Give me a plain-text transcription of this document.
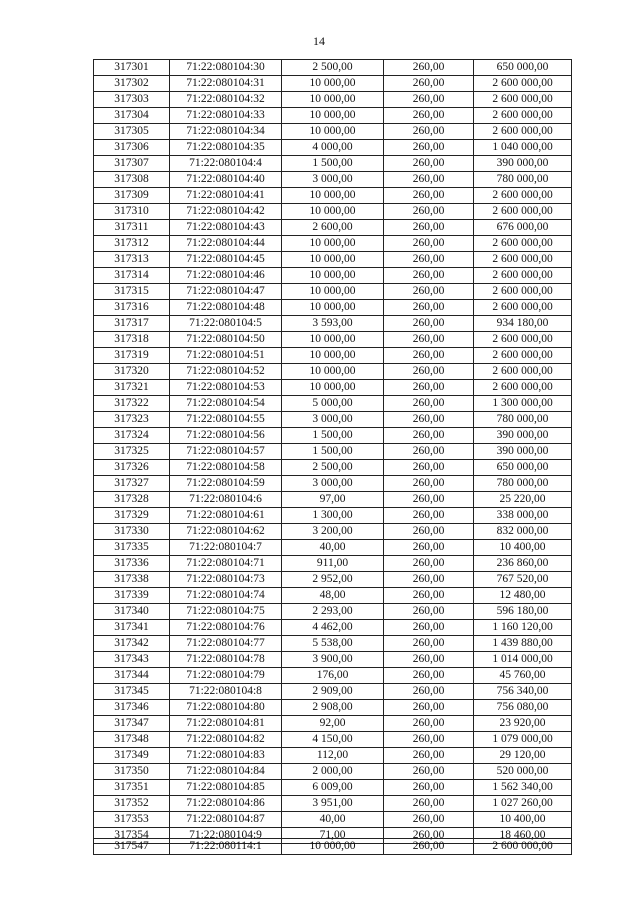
14
317301	71:22:080104:30	2 500,00	260,00	650 000,00
317302	71:22:080104:31	10 000,00	260,00	2 600 000,00
317303	71:22:080104:32	10 000,00	260,00	2 600 000,00
317304	71:22:080104:33	10 000,00	260,00	2 600 000,00
317305	71:22:080104:34	10 000,00	260,00	2 600 000,00
317306	71:22:080104:35	4 000,00	260,00	1 040 000,00
317307	71:22:080104:4	1 500,00	260,00	390 000,00
317308	71:22:080104:40	3 000,00	260,00	780 000,00
317309	71:22:080104:41	10 000,00	260,00	2 600 000,00
317310	71:22:080104:42	10 000,00	260,00	2 600 000,00
317311	71:22:080104:43	2 600,00	260,00	676 000,00
317312	71:22:080104:44	10 000,00	260,00	2 600 000,00
317313	71:22:080104:45	10 000,00	260,00	2 600 000,00
317314	71:22:080104:46	10 000,00	260,00	2 600 000,00
317315	71:22:080104:47	10 000,00	260,00	2 600 000,00
317316	71:22:080104:48	10 000,00	260,00	2 600 000,00
317317	71:22:080104:5	3 593,00	260,00	934 180,00
317318	71:22:080104:50	10 000,00	260,00	2 600 000,00
317319	71:22:080104:51	10 000,00	260,00	2 600 000,00
317320	71:22:080104:52	10 000,00	260,00	2 600 000,00
317321	71:22:080104:53	10 000,00	260,00	2 600 000,00
317322	71:22:080104:54	5 000,00	260,00	1 300 000,00
317323	71:22:080104:55	3 000,00	260,00	780 000,00
317324	71:22:080104:56	1 500,00	260,00	390 000,00
317325	71:22:080104:57	1 500,00	260,00	390 000,00
317326	71:22:080104:58	2 500,00	260,00	650 000,00
317327	71:22:080104:59	3 000,00	260,00	780 000,00
317328	71:22:080104:6	97,00	260,00	25 220,00
317329	71:22:080104:61	1 300,00	260,00	338 000,00
317330	71:22:080104:62	3 200,00	260,00	832 000,00
317335	71:22:080104:7	40,00	260,00	10 400,00
317336	71:22:080104:71	911,00	260,00	236 860,00
317338	71:22:080104:73	2 952,00	260,00	767 520,00
317339	71:22:080104:74	48,00	260,00	12 480,00
317340	71:22:080104:75	2 293,00	260,00	596 180,00
317341	71:22:080104:76	4 462,00	260,00	1 160 120,00
317342	71:22:080104:77	5 538,00	260,00	1 439 880,00
317343	71:22:080104:78	3 900,00	260,00	1 014 000,00
317344	71:22:080104:79	176,00	260,00	45 760,00
317345	71:22:080104:8	2 909,00	260,00	756 340,00
317346	71:22:080104:80	2 908,00	260,00	756 080,00
317347	71:22:080104:81	92,00	260,00	23 920,00
317348	71:22:080104:82	4 150,00	260,00	1 079 000,00
317349	71:22:080104:83	112,00	260,00	29 120,00
317350	71:22:080104:84	2 000,00	260,00	520 000,00
317351	71:22:080104:85	6 009,00	260,00	1 562 340,00
317352	71:22:080104:86	3 951,00	260,00	1 027 260,00
317353	71:22:080104:87	40,00	260,00	10 400,00
317354	71:22:080104:9	71,00	260,00	18 460,00
317547	71:22:080114:1	10 000,00	260,00	2 600 000,00
